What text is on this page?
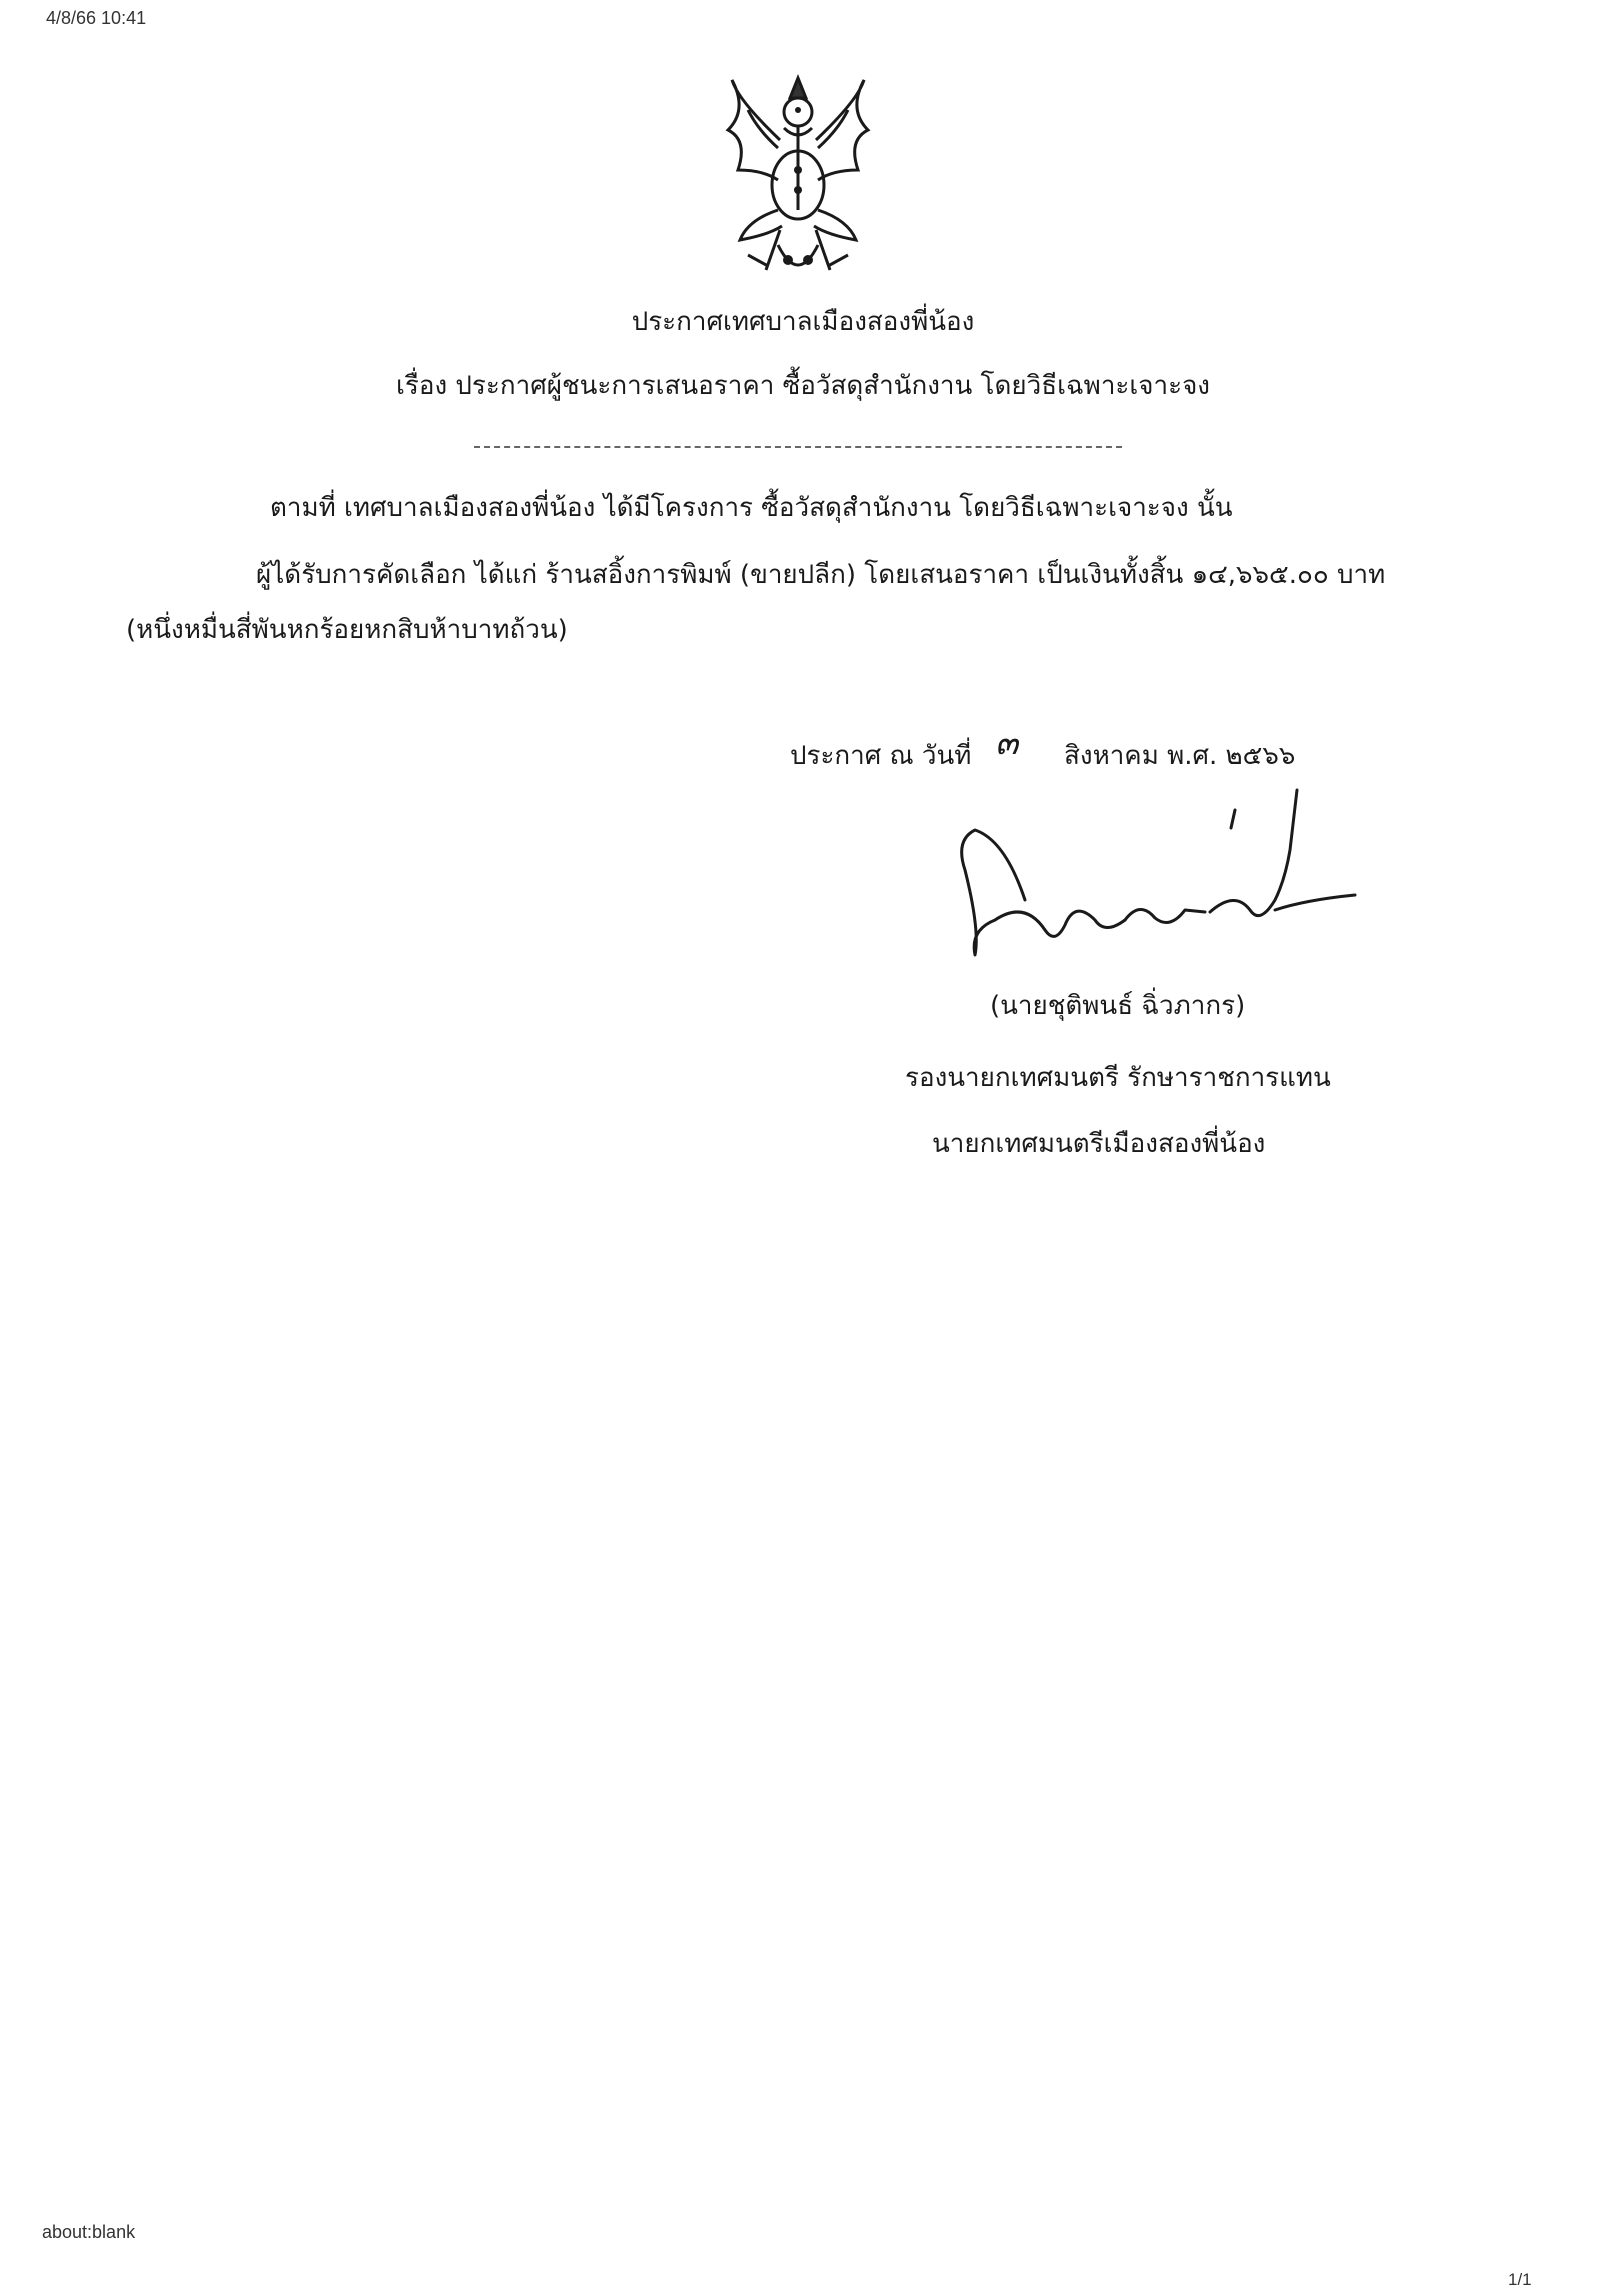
4/8/66 10:41
ประกาศเทศบาลเมืองสองพี่น้อง
เรื่อง ประกาศผู้ชนะการเสนอราคา ซื้อวัสดุสำนักงาน โดยวิธีเฉพาะเจาะจง
ตามที่ เทศบาลเมืองสองพี่น้อง ได้มีโครงการ ซื้อวัสดุสำนักงาน โดยวิธีเฉพาะเจาะจง นั้น
ผู้ได้รับการคัดเลือก ได้แก่ ร้านสอิ้งการพิมพ์ (ขายปลีก) โดยเสนอราคา เป็นเงินทั้งสิ้น ๑๔,๖๖๕.๐๐ บาท
(หนึ่งหมื่นสี่พันหกร้อยหกสิบห้าบาทถ้วน)
ประกาศ ณ วันที่ ๓ สิงหาคม พ.ศ. ๒๕๖๖
(นายชุติพนธ์ ฉิ่วภากร)
รองนายกเทศมนตรี รักษาราชการแทน
นายกเทศมนตรีเมืองสองพี่น้อง
about:blank
1/1
